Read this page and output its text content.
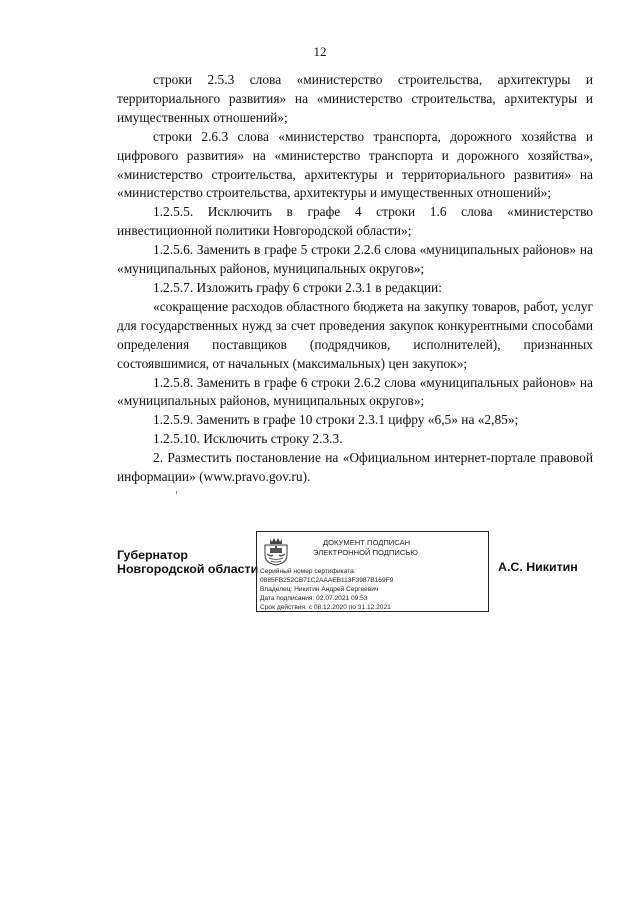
12

строки 2.5.3 слова «министерство строительства, архитектуры и территориального развития» на «министерство строительства, архитектуры и имущественных отношений»;

строки 2.6.3 слова «министерство транспорта, дорожного хозяйства и цифрового развития» на «министерство транспорта и дорожного хозяйства», «министерство строительства, архитектуры и территориального развития» на «министерство строительства, архитектуры и имущественных отношений»;

1.2.5.5. Исключить в графе 4 строки 1.6 слова «министерство инвестиционной политики Новгородской области»;

1.2.5.6. Заменить в графе 5 строки 2.2.6 слова «муниципальных районов» на «муниципальных районов, муниципальных округов»;

1.2.5.7. Изложить графу 6 строки 2.3.1 в редакции:

«сокращение расходов областного бюджета на закупку товаров, работ, услуг для государственных нужд за счет проведения закупок конкурентными способами определения поставщиков (подрядчиков, исполнителей), признанных состоявшимися, от начальных (максимальных) цен закупок»;

1.2.5.8. Заменить в графе 6 строки 2.6.2 слова «муниципальных районов» на «муниципальных районов, муниципальных округов»;

1.2.5.9. Заменить в графе 10 строки 2.3.1 цифру «6,5» на «2,85»;

1.2.5.10. Исключить строку 2.3.3.

2. Разместить постановление на «Официальном интернет-портале правовой информации» (www.pravo.gov.ru).

Губернатор
Новгородской области
ДОКУМЕНТ ПОДПИСАН
ЭЛЕКТРОННОЙ ПОДПИСЬЮ
Серийный номер сертификата:
0885FB252CB71C2AAAEB113F3987B169F9
Владелец: Никитин Андрей Сергеевич
Дата подписания: 02.07.2021 09:53
Срок действия: с 08.12.2020 по 31.12.2021
А.С. Никитин
